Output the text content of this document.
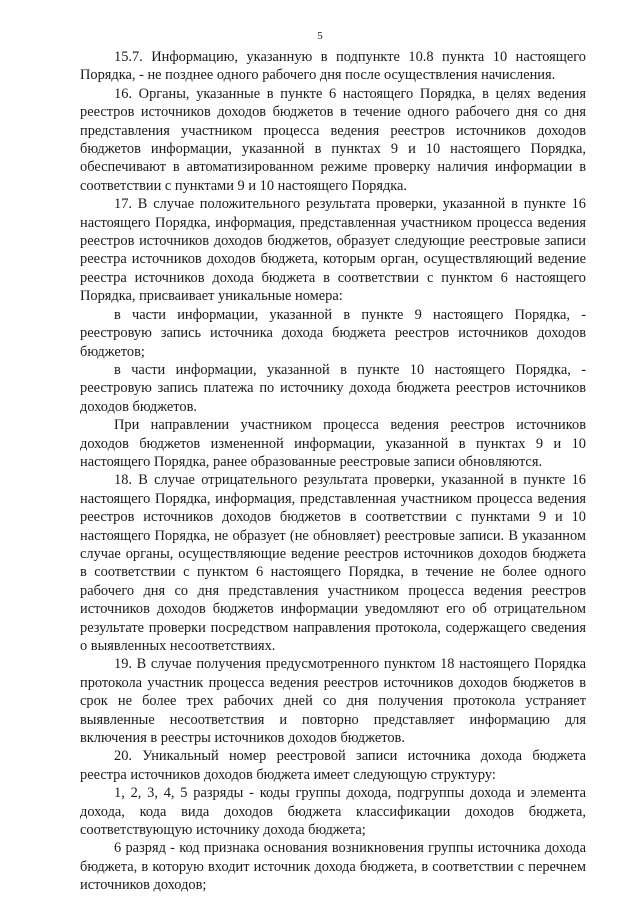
5

15.7. Информацию, указанную в подпункте 10.8 пункта 10 настоящего Порядка, - не позднее одного рабочего дня после осуществления начисления.

16. Органы, указанные в пункте 6 настоящего Порядка, в целях ведения реестров источников доходов бюджетов в течение одного рабочего дня со дня представления участником процесса ведения реестров источников доходов бюджетов информации, указанной в пунктах 9 и 10 настоящего Порядка, обеспечивают в автоматизированном режиме проверку наличия информации в соответствии с пунктами 9 и 10 настоящего Порядка.

17. В случае положительного результата проверки, указанной в пункте 16 настоящего Порядка, информация, представленная участником процесса ведения реестров источников доходов бюджетов, образует следующие реестровые записи реестра источников доходов бюджета, которым орган, осуществляющий ведение реестра источников дохода бюджета в соответствии с пунктом 6 настоящего Порядка, присваивает уникальные номера:

в части информации, указанной в пункте 9 настоящего Порядка, - реестровую запись источника дохода бюджета реестров источников доходов бюджетов;

в части информации, указанной в пункте 10 настоящего Порядка, - реестровую запись платежа по источнику дохода бюджета реестров источников доходов бюджетов.

При направлении участником процесса ведения реестров источников доходов бюджетов измененной информации, указанной в пунктах 9 и 10 настоящего Порядка, ранее образованные реестровые записи обновляются.

18. В случае отрицательного результата проверки, указанной в пункте 16 настоящего Порядка, информация, представленная участником процесса ведения реестров источников доходов бюджетов в соответствии с пунктами 9 и 10 настоящего Порядка, не образует (не обновляет) реестровые записи. В указанном случае органы, осуществляющие ведение реестров источников доходов бюджета в соответствии с пунктом 6 настоящего Порядка, в течение не более одного рабочего дня со дня представления участником процесса ведения реестров источников доходов бюджетов информации уведомляют его об отрицательном результате проверки посредством направления протокола, содержащего сведения о выявленных несоответствиях.

19. В случае получения предусмотренного пунктом 18 настоящего Порядка протокола участник процесса ведения реестров источников доходов бюджетов в срок не более трех рабочих дней со дня получения протокола устраняет выявленные несоответствия и повторно представляет информацию для включения в реестры источников доходов бюджетов.

20. Уникальный номер реестровой записи источника дохода бюджета реестра источников доходов бюджета имеет следующую структуру:

1, 2, 3, 4, 5 разряды - коды группы дохода, подгруппы дохода и элемента дохода, кода вида доходов бюджета классификации доходов бюджета, соответствующую источнику дохода бюджета;

6 разряд - код признака основания возникновения группы источника дохода бюджета, в которую входит источник дохода бюджета, в соответствии с перечнем источников доходов;
